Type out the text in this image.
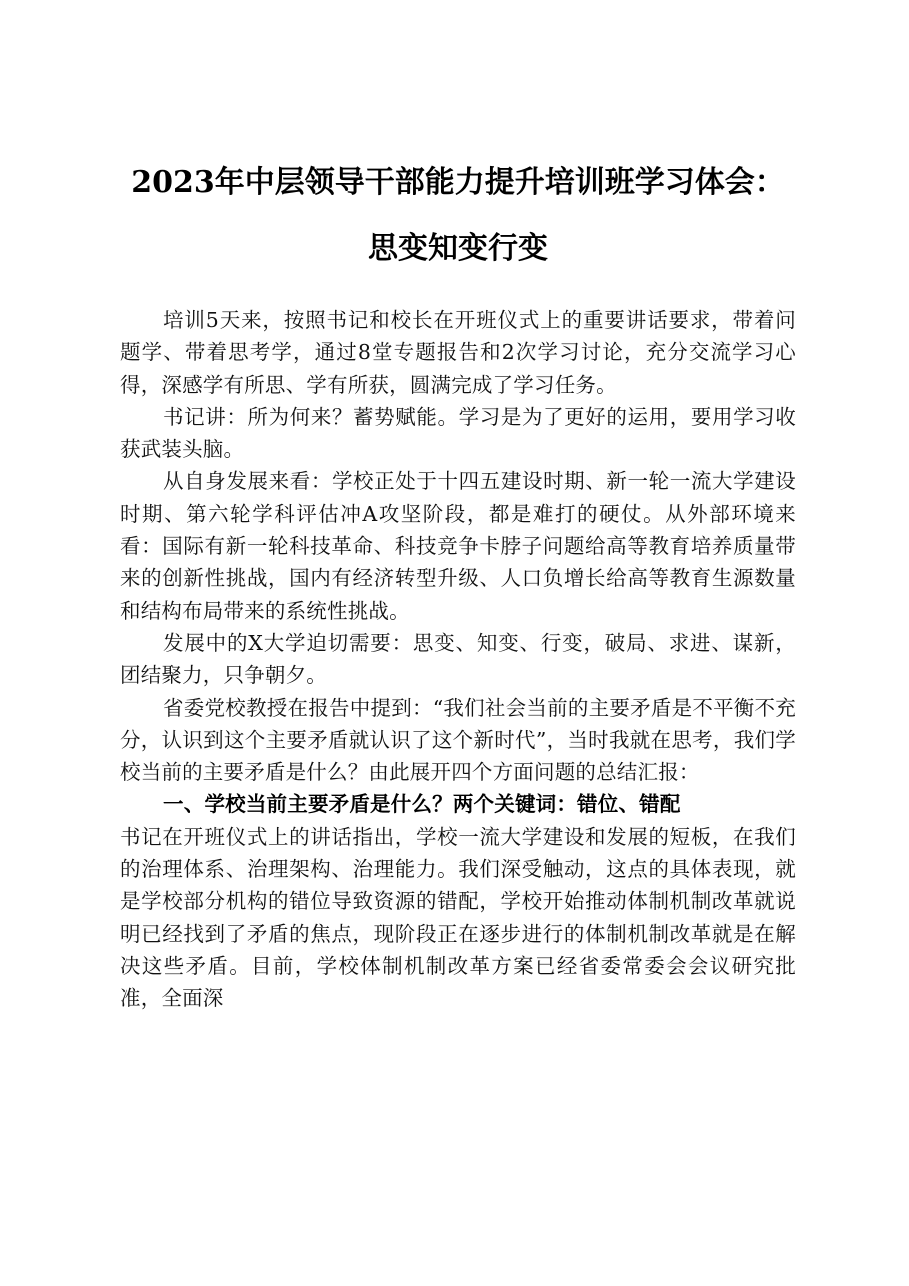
2023年中层领导干部能力提升培训班学习体会：思变知变行变

培训5天来，按照书记和校长在开班仪式上的重要讲话要求，带着问题学、带着思考学，通过8堂专题报告和2次学习讨论，充分交流学习心得，深感学有所思、学有所获，圆满完成了学习任务。

书记讲：所为何来？蓄势赋能。学习是为了更好的运用，要用学习收获武装头脑。

从自身发展来看：学校正处于十四五建设时期、新一轮一流大学建设时期、第六轮学科评估冲A攻坚阶段，都是难打的硬仗。从外部环境来看：国际有新一轮科技革命、科技竞争卡脖子问题给高等教育培养质量带来的创新性挑战，国内有经济转型升级、人口负增长给高等教育生源数量和结构布局带来的系统性挑战。

发展中的X大学迫切需要：思变、知变、行变，破局、求进、谋新，团结聚力，只争朝夕。

省委党校教授在报告中提到：“我们社会当前的主要矛盾是不平衡不充分，认识到这个主要矛盾就认识了这个新时代”，当时我就在思考，我们学校当前的主要矛盾是什么？由此展开四个方面问题的总结汇报：

一、学校当前主要矛盾是什么？两个关键词：错位、错配

书记在开班仪式上的讲话指出，学校一流大学建设和发展的短板，在我们的治理体系、治理架构、治理能力。我们深受触动，这点的具体表现，就是学校部分机构的错位导致资源的错配，学校开始推动体制机制改革就说明已经找到了矛盾的焦点，现阶段正在逐步进行的体制机制改革就是在解决这些矛盾。目前，学校体制机制改革方案已经省委常委会会议研究批准，全面深
